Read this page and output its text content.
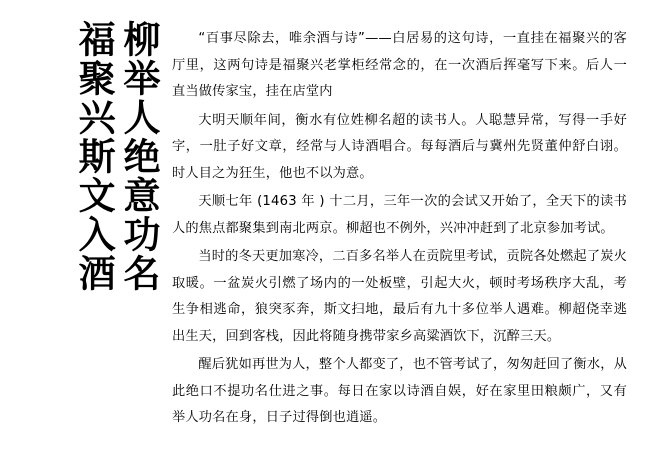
柳举人绝意功名
福聚兴斯文入酒	“百事尽除去，唯余酒与诗”——白居易的这句诗，一直挂在福聚兴的客厅里，这两句诗是福聚兴老掌柜经常念的，在一次酒后挥毫写下来。后人一直当做传家宝，挂在店堂内

大明天顺年间，衡水有位姓柳名超的读书人。人聪慧异常，写得一手好字，一肚子好文章，经常与人诗酒唱合。每每酒后与冀州先贤董仲舒白诩。时人目之为狂生，他也不以为意。

天顺七年 (1463 年 ) 十二月，三年一次的会试又开始了，全天下的读书人的焦点都聚集到南北两京。柳超也不例外，兴冲冲赶到了北京参加考试。

当时的冬天更加寒冷，二百多名举人在贡院里考试，贡院各处燃起了炭火取暖。一盆炭火引燃了场内的一处板壁，引起大火，顿时考场秩序大乱，考生争相逃命，狼突豕奔，斯文扫地，最后有九十多位举人遇难。柳超侥幸逃出生天，回到客栈，因此将随身携带家乡高粱酒饮下，沉醉三天。

醒后犹如再世为人，整个人都变了，也不管考试了，匆匆赶回了衡水，从此绝口不提功名仕进之事。每日在家以诗酒自娱，好在家里田粮颇广，又有举人功名在身，日子过得倒也逍遥。
